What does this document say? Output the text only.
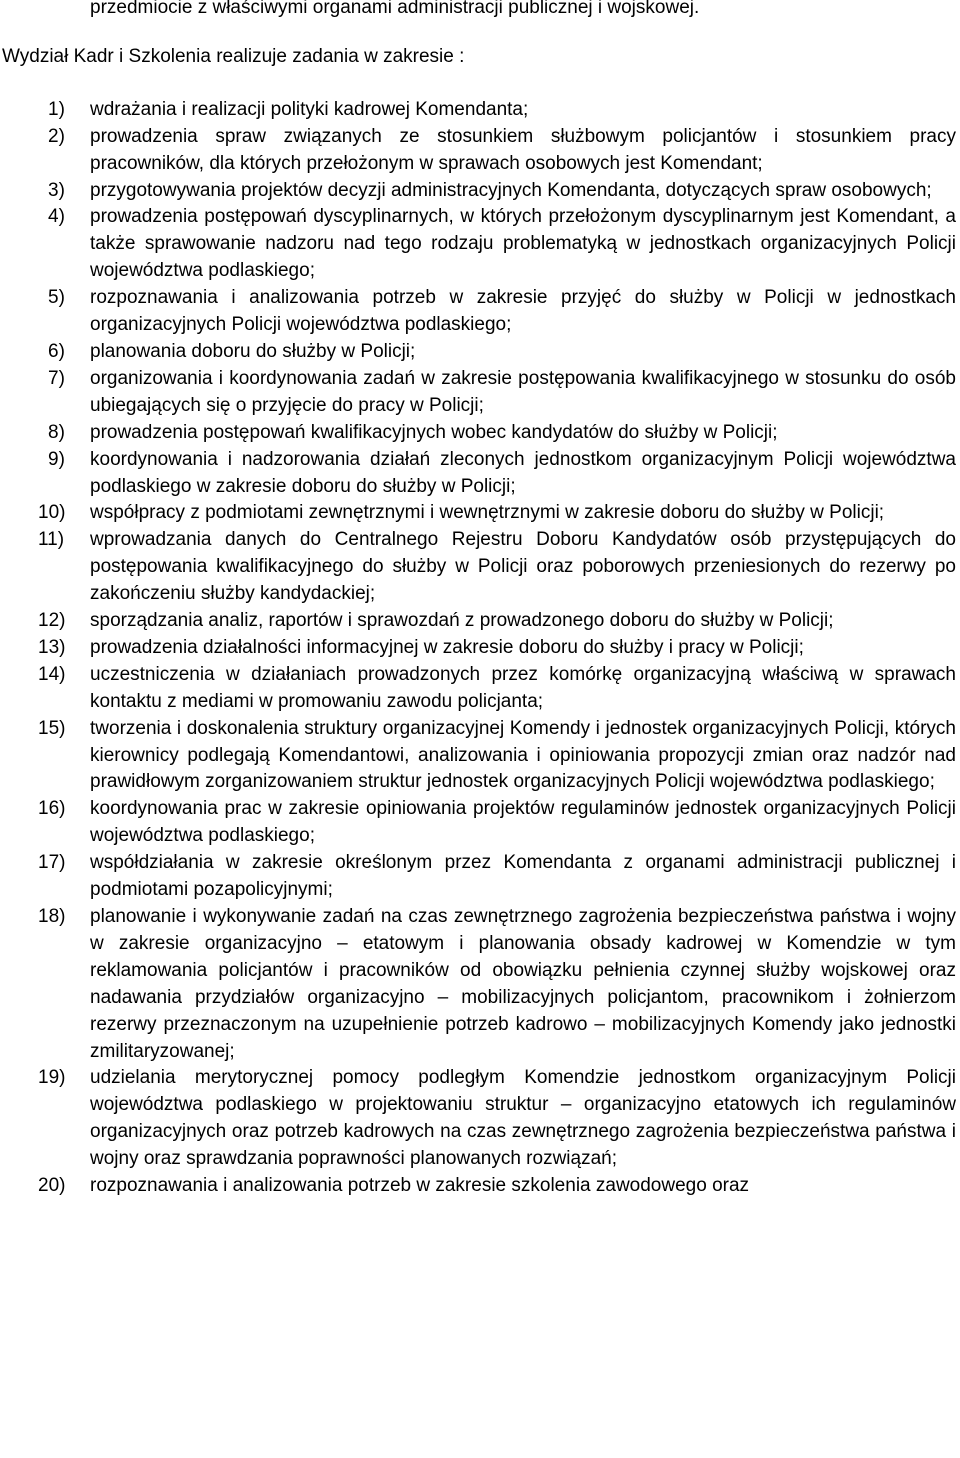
przedmiocie z właściwymi organami administracji publicznej i wojskowej.

Wydział Kadr i Szkolenia realizuje zadania w zakresie :

1)	wdrażania i realizacji polityki kadrowej Komendanta;
2)	prowadzenia spraw związanych ze stosunkiem służbowym policjantów i stosunkiem pracy pracowników, dla których przełożonym w sprawach osobowych jest Komendant;
3)	przygotowywania projektów decyzji administracyjnych Komendanta, dotyczących spraw osobowych;
4)	prowadzenia postępowań dyscyplinarnych, w których przełożonym dyscyplinarnym jest Komendant, a także sprawowanie nadzoru nad tego rodzaju problematyką w jednostkach organizacyjnych Policji województwa podlaskiego;
5)	rozpoznawania i analizowania potrzeb w zakresie przyjęć do służby w Policji w jednostkach organizacyjnych Policji województwa podlaskiego;
6)	planowania doboru do służby w Policji;
7)	organizowania i koordynowania zadań w zakresie postępowania kwalifikacyjnego w stosunku do osób ubiegających się o przyjęcie do pracy w Policji;
8)	prowadzenia postępowań kwalifikacyjnych wobec kandydatów do służby w Policji;
9)	koordynowania i nadzorowania działań zleconych jednostkom organizacyjnym Policji województwa podlaskiego w zakresie doboru do służby w Policji;
10)	współpracy z podmiotami zewnętrznymi i wewnętrznymi w zakresie doboru do służby w Policji;
11)	wprowadzania danych do Centralnego Rejestru Doboru Kandydatów osób przystępujących do postępowania kwalifikacyjnego do służby w Policji oraz poborowych przeniesionych do rezerwy po zakończeniu służby kandydackiej;
12)	sporządzania analiz, raportów i sprawozdań z prowadzonego doboru do służby w Policji;
13)	prowadzenia działalności informacyjnej w zakresie doboru do służby i pracy w Policji;
14)	uczestniczenia w działaniach prowadzonych przez komórkę organizacyjną właściwą w sprawach kontaktu z mediami w promowaniu zawodu policjanta;
15)	tworzenia i doskonalenia struktury organizacyjnej Komendy i jednostek organizacyjnych Policji, których kierownicy podlegają Komendantowi, analizowania i opiniowania propozycji zmian oraz nadzór nad prawidłowym zorganizowaniem struktur jednostek organizacyjnych Policji województwa podlaskiego;
16)	koordynowania prac w zakresie opiniowania projektów regulaminów jednostek organizacyjnych Policji województwa podlaskiego;
17)	współdziałania w zakresie określonym przez Komendanta z organami administracji publicznej i podmiotami pozapolicyjnymi;
18)	planowanie i wykonywanie zadań na czas zewnętrznego zagrożenia bezpieczeństwa państwa i wojny w zakresie organizacyjno – etatowym i planowania obsady kadrowej w Komendzie w tym reklamowania policjantów i pracowników od obowiązku pełnienia czynnej służby wojskowej oraz nadawania przydziałów organizacyjno – mobilizacyjnych policjantom, pracownikom i żołnierzom rezerwy przeznaczonym na uzupełnienie potrzeb kadrowo – mobilizacyjnych Komendy jako jednostki zmilitaryzowanej;
19)	udzielania merytorycznej pomocy podległym Komendzie jednostkom organizacyjnym Policji województwa podlaskiego w projektowaniu struktur – organizacyjno etatowych ich regulaminów organizacyjnych oraz potrzeb kadrowych na czas zewnętrznego zagrożenia bezpieczeństwa państwa i wojny oraz sprawdzania poprawności planowanych rozwiązań;
20)	rozpoznawania i analizowania potrzeb w zakresie szkolenia zawodowego oraz
